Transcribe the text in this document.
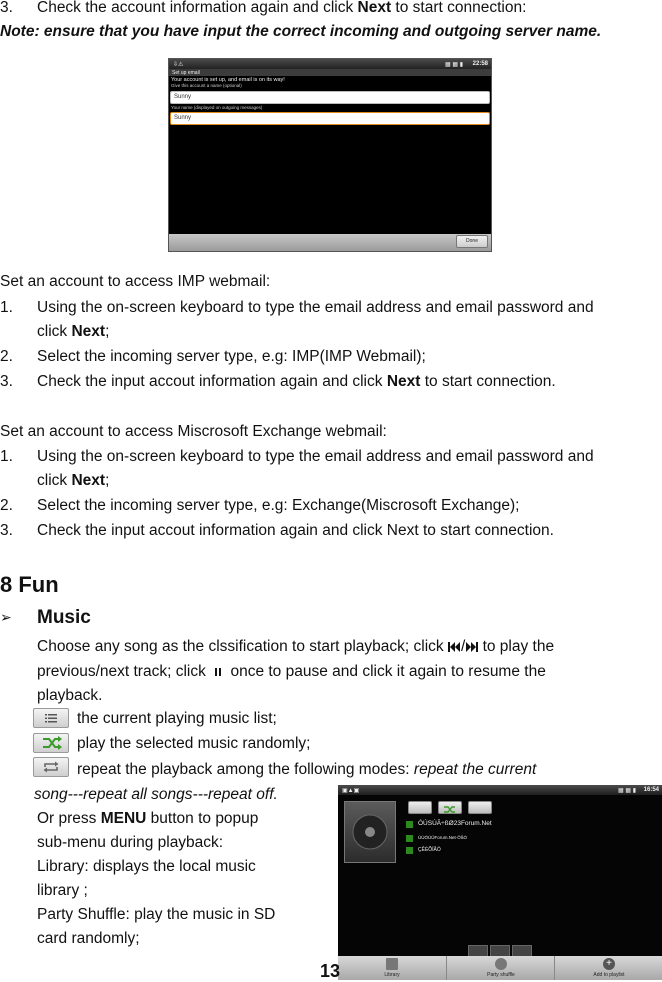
3. Check the account information again and click Next to start connection:
Note: ensure that you have input the correct incoming and outgoing server name.
⇩⚠	▦ ▦ ▮ 22:58
Set up email
Your account is set up, and email is on its way!
Give this account a name (optional)
Sunny
Your name (displayed on outgoing messages)
Sunny
Done
Set an account to access IMP webmail:
1. Using the on-screen keyboard to type the email address and email password and
click Next;
2. Select the incoming server type, e.g: IMP(IMP Webmail);
3. Check the input accout information again and click Next to start connection.
Set an account to access Miscrosoft Exchange webmail:
1. Using the on-screen keyboard to type the email address and email password and
click Next;
2. Select the incoming server type, e.g: Exchange(Miscrosoft Exchange);
3. Check the input accout information again and click Next to start connection.
8 Fun
➢ Music
Choose any song as the clssification to start playback; click / to play the
previous/next track; click  once to pause and click it again to resume the
playback.
the current playing music list;
play the selected music randomly;
repeat the playback among the following modes: repeat the current
song---repeat all songs---repeat off.
Or press MENU button to popup
sub-menu during playback:
Library: displays the local music
library ;
Party Shuffle: play the music in SD
card randomly;
▣▲▣	▦ ▦ ▮ 16:54
ÓÚSÚÃ÷ßØ23Forum.Net
ÙÙÓÚÜForum.Net·ÕßÓ
ÇÊÈÕÏÂÖ
Library	Party shuffle
+
Add to playlist
13
